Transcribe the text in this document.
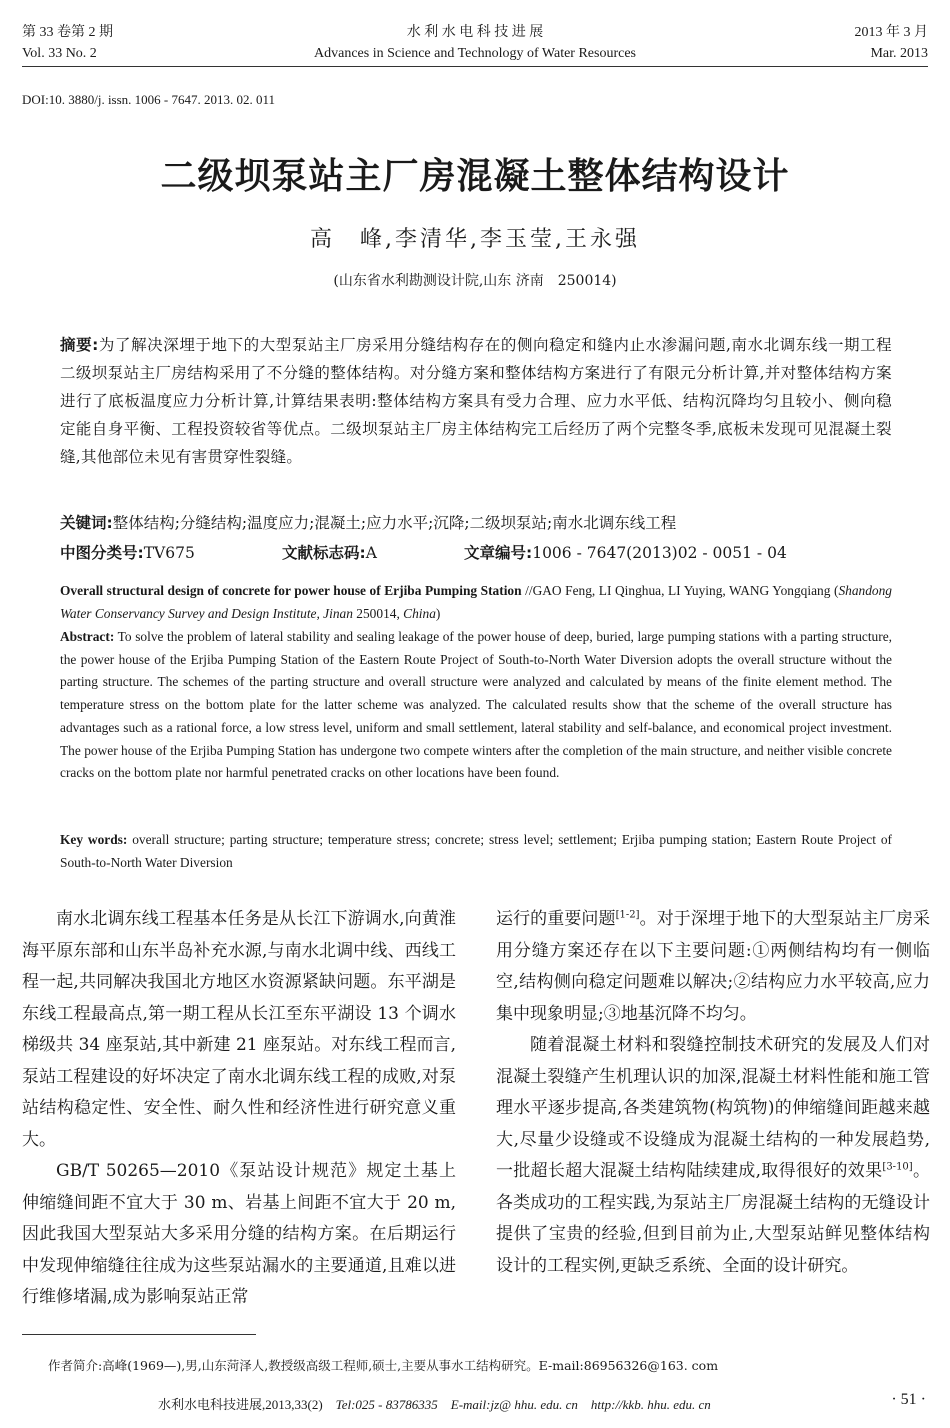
第 33 卷第 2 期
Vol. 33 No. 2
水 利 水 电 科 技 进 展
Advances in Science and Technology of Water Resources
2013 年 3 月
Mar. 2013
DOI:10. 3880/j. issn. 1006 - 7647. 2013. 02. 011
二级坝泵站主厂房混凝土整体结构设计
高　峰,李清华,李玉莹,王永强
(山东省水利勘测设计院,山东 济南　250014)
摘要:为了解决深埋于地下的大型泵站主厂房采用分缝结构存在的侧向稳定和缝内止水渗漏问题,南水北调东线一期工程二级坝泵站主厂房结构采用了不分缝的整体结构。对分缝方案和整体结构方案进行了有限元分析计算,并对整体结构方案进行了底板温度应力分析计算,计算结果表明:整体结构方案具有受力合理、应力水平低、结构沉降均匀且较小、侧向稳定能自身平衡、工程投资较省等优点。二级坝泵站主厂房主体结构完工后经历了两个完整冬季,底板未发现可见混凝土裂缝,其他部位未见有害贯穿性裂缝。
关键词:整体结构;分缝结构;温度应力;混凝土;应力水平;沉降;二级坝泵站;南水北调东线工程
中图分类号:TV675	文献标志码:A	文章编号:1006 - 7647(2013)02 - 0051 - 04
Overall structural design of concrete for power house of Erjiba Pumping Station //GAO Feng, LI Qinghua, LI Yuying, WANG Yongqiang (Shandong Water Conservancy Survey and Design Institute, Jinan 250014, China)
Abstract: To solve the problem of lateral stability and sealing leakage of the power house of deep, buried, large pumping stations with a parting structure, the power house of the Erjiba Pumping Station of the Eastern Route Project of South-to-North Water Diversion adopts the overall structure without the parting structure. The schemes of the parting structure and overall structure were analyzed and calculated by means of the finite element method. The temperature stress on the bottom plate for the latter scheme was analyzed. The calculated results show that the scheme of the overall structure has advantages such as a rational force, a low stress level, uniform and small settlement, lateral stability and self-balance, and economical project investment. The power house of the Erjiba Pumping Station has undergone two compete winters after the completion of the main structure, and neither visible concrete cracks on the bottom plate nor harmful penetrated cracks on other locations have been found.
Key words: overall structure; parting structure; temperature stress; concrete; stress level; settlement; Erjiba pumping station; Eastern Route Project of South-to-North Water Diversion

南水北调东线工程基本任务是从长江下游调水,向黄淮海平原东部和山东半岛补充水源,与南水北调中线、西线工程一起,共同解决我国北方地区水资源紧缺问题。东平湖是东线工程最高点,第一期工程从长江至东平湖设 13 个调水梯级共 34 座泵站,其中新建 21 座泵站。对东线工程而言,泵站工程建设的好坏决定了南水北调东线工程的成败,对泵站结构稳定性、安全性、耐久性和经济性进行研究意义重大。

GB/T 50265—2010《泵站设计规范》规定土基上伸缩缝间距不宜大于 30 m、岩基上间距不宜大于 20 m,因此我国大型泵站大多采用分缝的结构方案。在后期运行中发现伸缩缝往往成为这些泵站漏水的主要通道,且难以进行维修堵漏,成为影响泵站正常

运行的重要问题[1-2]。对于深埋于地下的大型泵站主厂房采用分缝方案还存在以下主要问题:①两侧结构均有一侧临空,结构侧向稳定问题难以解决;②结构应力水平较高,应力集中现象明显;③地基沉降不均匀。

随着混凝土材料和裂缝控制技术研究的发展及人们对混凝土裂缝产生机理认识的加深,混凝土材料性能和施工管理水平逐步提高,各类建筑物(构筑物)的伸缩缝间距越来越大,尽量少设缝或不设缝成为混凝土结构的一种发展趋势,一批超长超大混凝土结构陆续建成,取得很好的效果[3-10]。各类成功的工程实践,为泵站主厂房混凝土结构的无缝设计提供了宝贵的经验,但到目前为止,大型泵站鲜见整体结构设计的工程实例,更缺乏系统、全面的设计研究。

作者简介:高峰(1969—),男,山东菏泽人,教授级高级工程师,硕士,主要从事水工结构研究。E-mail:86956326@163. com
水利水电科技进展,2013,33(2)　Tel:025 - 83786335　E-mail:jz@ hhu. edu. cn　http://kkb. hhu. edu. cn	· 51 ·
